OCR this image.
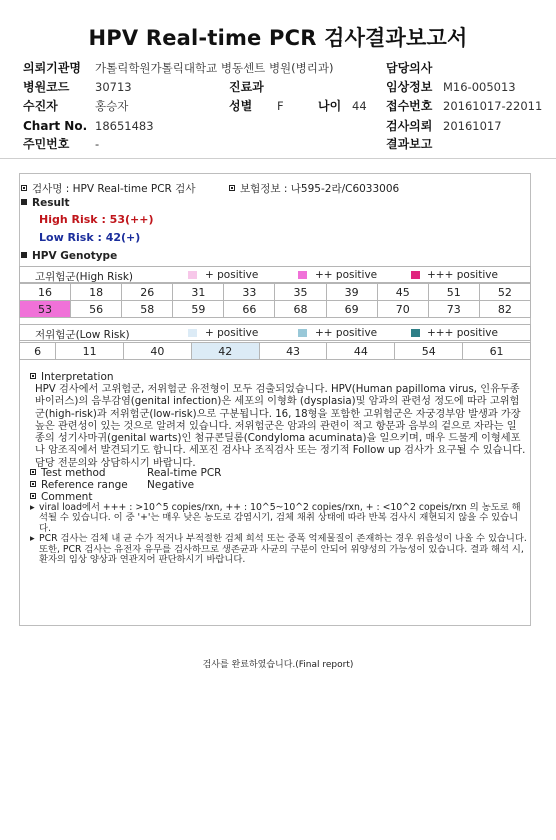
HPV Real-time PCR 검사결과보고서
의뢰기관명 가톨릭학원가톨릭대학교 병동센트 병원(병리과)	담당의사
병원코드 30713	진료과	임상정보 M16-005013
수진자	홍승자	성별 F	나이 44 접수번호 20161017-22011
Chart No. 18651483	검사의뢰 20161017
주민번호 -	결과보고
검사명 : HPV Real-time PCR 검사	보험정보 : 나595-2라/C6033006
Result
High Risk : 53(++)
Low Risk : 42(+)
HPV Genotype
고위험군(High Risk)	+ positive	++ positive	+++ positive
16	18	26	31	33	35	39	45	51	52
53	56	58	59	66	68	69	70	73	82
저위험군(Low Risk)	+ positive	++ positive	+++ positive
6	11	40	42	43	44	54	61
Interpretation
HPV 검사에서 고위험군, 저위험군 유전형이 모두 검출되었습니다. HPV(Human papilloma virus, 인유두종 바이러스)의 음부감염(genital infection)은 세포의 이형화 (dysplasia)및 암과의 관련성 정도에 따라 고위험군(high-risk)과 저위험군(low-risk)으로 구분됩니다. 16, 18형을 포함한 고위험군은 자궁경부암 발생과 가장 높은 관련성이 있는 것으로 알려져 있습니다. 저위험군은 암과의 관련이 적고 항문과 음부의 겉으로 자라는 일종의 성기사마귀(genital warts)인 첨규콘딜롬(Condyloma acuminata)을 일으키며, 매우 드물게 이형세포나 암조직에서 발견되기도 합니다. 세포진 검사나 조직검사 또는 정기적 Follow up 검사가 요구될 수 있습니다. 담당 전문의와 상담하시기 바랍니다.
Test method	Real-time PCR
Reference range Negative
Comment
▸ viral load에서 +++ : >10^5 copies/rxn, ++ : 10^5~10^2 copies/rxn, + : <10^2 copeis/rxn 의 농도로 해석될 수 있습니다. 이 중 '+'는 매우 낮은 농도로 감염시기, 검체 채취 상태에 따라 반복 검사시 재현되지 않을 수 있습니다.
▸ PCR 검사는 검체 내 균 수가 적거나 부적절한 검체 희석 또는 중폭 억제물질이 존재하는 경우 위음성이 나올 수 있습니다. 또한, PCR 검사는 유전자 유무를 검사하므로 생존균과 사균의 구분이 안되어 위양성의 가능성이 있습니다. 결과 해석 시, 환자의 임상 양상과 연관지어 판단하시기 바랍니다.
검사를 완료하였습니다.(Final report)
